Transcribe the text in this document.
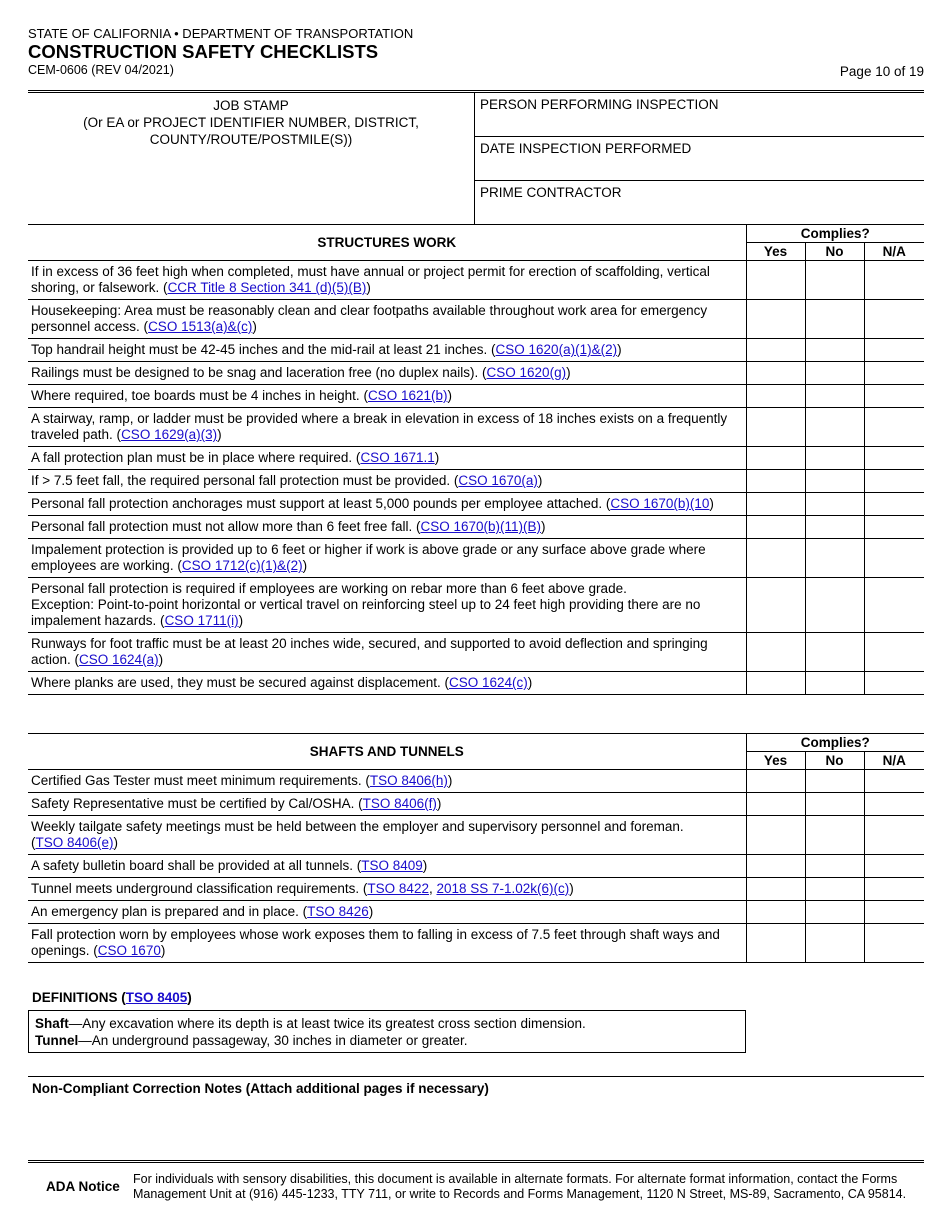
STATE OF CALIFORNIA • DEPARTMENT OF TRANSPORTATION
CONSTRUCTION SAFETY CHECKLISTS
CEM-0606 (REV 04/2021)	Page 10 of 19
JOB STAMP
(Or EA or PROJECT IDENTIFIER NUMBER, DISTRICT,
COUNTY/ROUTE/POSTMILE(S))
PERSON PERFORMING INSPECTION
DATE INSPECTION PERFORMED
PRIME CONTRACTOR
STRUCTURES WORK	Complies?		
	Yes	No	N/A
If in excess of 36 feet high when completed, must have annual or project permit for erection of scaffolding, vertical shoring, or falsework. (CCR Title 8 Section 341 (d)(5)(B))			
Housekeeping: Area must be reasonably clean and clear footpaths available throughout work area for emergency personnel access. (CSO 1513(a)&(c))			
Top handrail height must be 42-45 inches and the mid-rail at least 21 inches. (CSO 1620(a)(1)&(2))			
Railings must be designed to be snag and laceration free (no duplex nails). (CSO 1620(g))			
Where required, toe boards must be 4 inches in height. (CSO 1621(b))			
A stairway, ramp, or ladder must be provided where a break in elevation in excess of 18 inches exists on a frequently traveled path. (CSO 1629(a)(3))			
A fall protection plan must be in place where required. (CSO 1671.1)			
If > 7.5 feet fall, the required personal fall protection must be provided. (CSO 1670(a))			
Personal fall protection anchorages must support at least 5,000 pounds per employee attached. (CSO 1670(b)(10)			
Personal fall protection must not allow more than 6 feet free fall. (CSO 1670(b)(11)(B))			
Impalement protection is provided up to 6 feet or higher if work is above grade or any surface above grade where employees are working. (CSO 1712(c)(1)&(2))			
Personal fall protection is required if employees are working on rebar more than 6 feet above grade.
Exception: Point-to-point horizontal or vertical travel on reinforcing steel up to 24 feet high providing there are no impalement hazards. (CSO 1711(i))			
Runways for foot traffic must be at least 20 inches wide, secured, and supported to avoid deflection and springing action. (CSO 1624(a))			
Where planks are used, they must be secured against displacement. (CSO 1624(c))			
SHAFTS AND TUNNELS	Complies?		
	Yes	No	N/A
Certified Gas Tester must meet minimum requirements. (TSO 8406(h))			
Safety Representative must be certified by Cal/OSHA. (TSO 8406(f))			
Weekly tailgate safety meetings must be held between the employer and supervisory personnel and foreman.
(TSO 8406(e))			
A safety bulletin board shall be provided at all tunnels. (TSO 8409)			
Tunnel meets underground classification requirements. (TSO 8422, 2018 SS 7-1.02k(6)(c))			
An emergency plan is prepared and in place. (TSO 8426)			
Fall protection worn by employees whose work exposes them to falling in excess of 7.5 feet through shaft ways and openings. (CSO 1670)			
DEFINITIONS (TSO 8405)
Shaft—Any excavation where its depth is at least twice its greatest cross section dimension.
Tunnel—An underground passageway, 30 inches in diameter or greater.
Non-Compliant Correction Notes (Attach additional pages if necessary)
ADA Notice For individuals with sensory disabilities, this document is available in alternate formats. For alternate format information, contact the Forms Management Unit at (916) 445-1233, TTY 711, or write to Records and Forms Management, 1120 N Street, MS-89, Sacramento, CA 95814.
